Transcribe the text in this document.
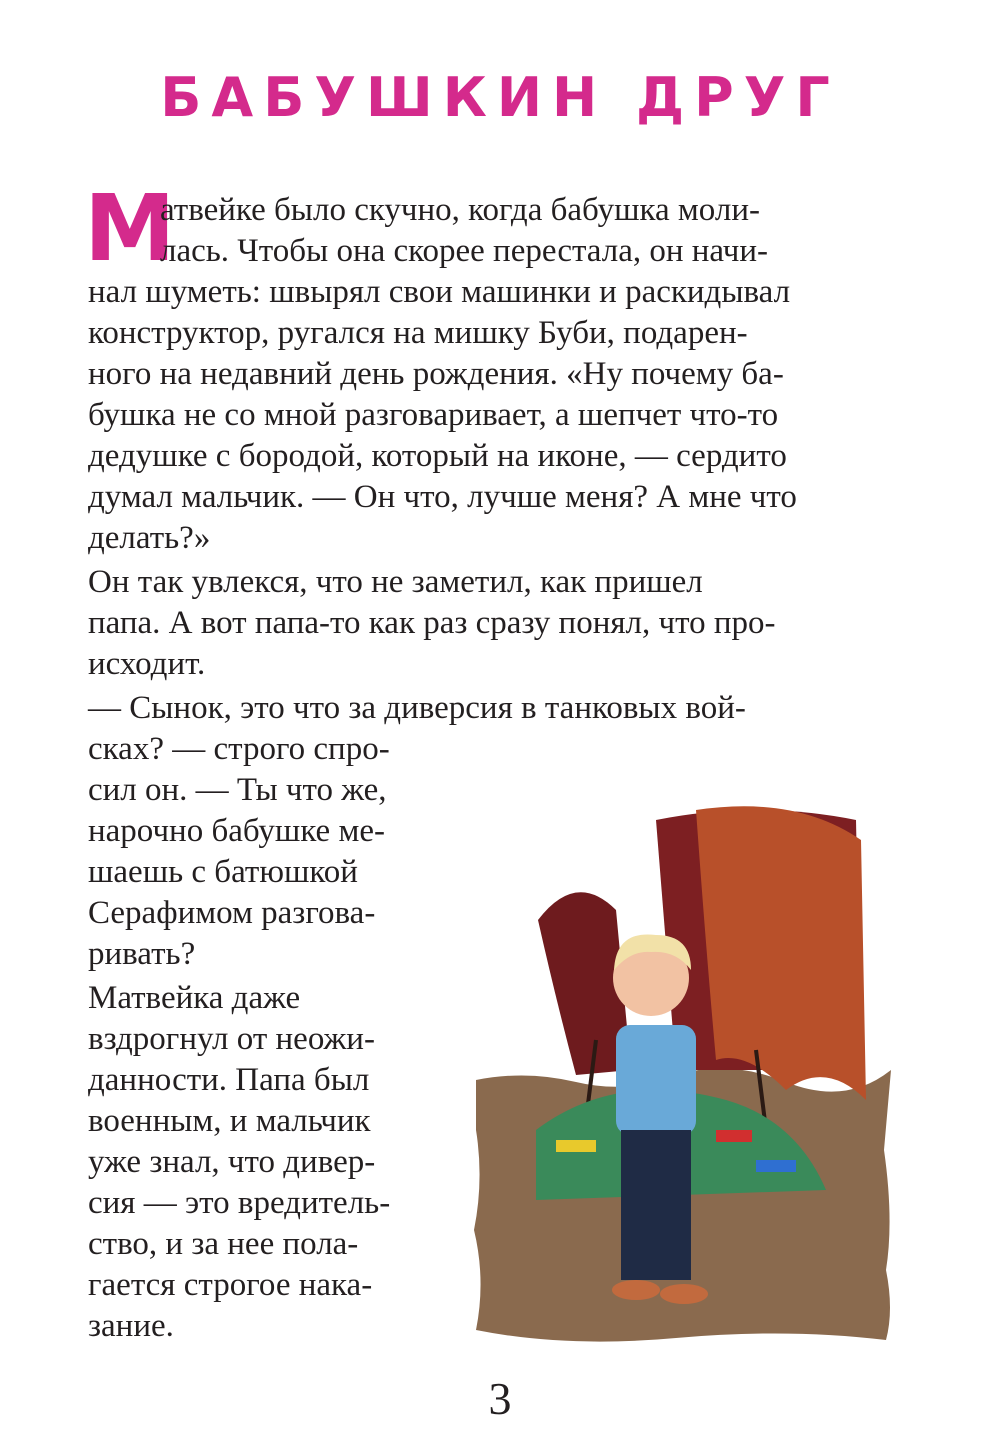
БАБУШКИН ДРУГ
М

атвейке было скучно, когда бабушка моли-

лась. Чтобы она скорее перестала, он начи-

нал шуметь: швырял свои машинки и раскидывал

конструктор, ругался на мишку Буби, подарен-

ного на недавний день рождения. «Ну почему ба-

бушка не со мной разговаривает, а шепчет что-то

дедушке с бородой, который на иконе, — сердито

думал мальчик. — Он что, лучше меня? А мне что

делать?»

Он так увлекся, что не заметил, как пришел

папа. А вот папа-то как раз сразу понял, что про-

исходит.

— Сынок, это что за диверсия в танковых вой-

сках? — строго спро-

сил он. — Ты что же,

нарочно бабушке ме-

шаешь с батюшкой

Серафимом разгова-

ривать?

Матвейка даже

вздрогнул от неожи-

данности. Папа был

военным, и мальчик

уже знал, что дивер-

сия — это вредитель-

ство, и за нее пола-

гается строгое нака-

зание.

3
